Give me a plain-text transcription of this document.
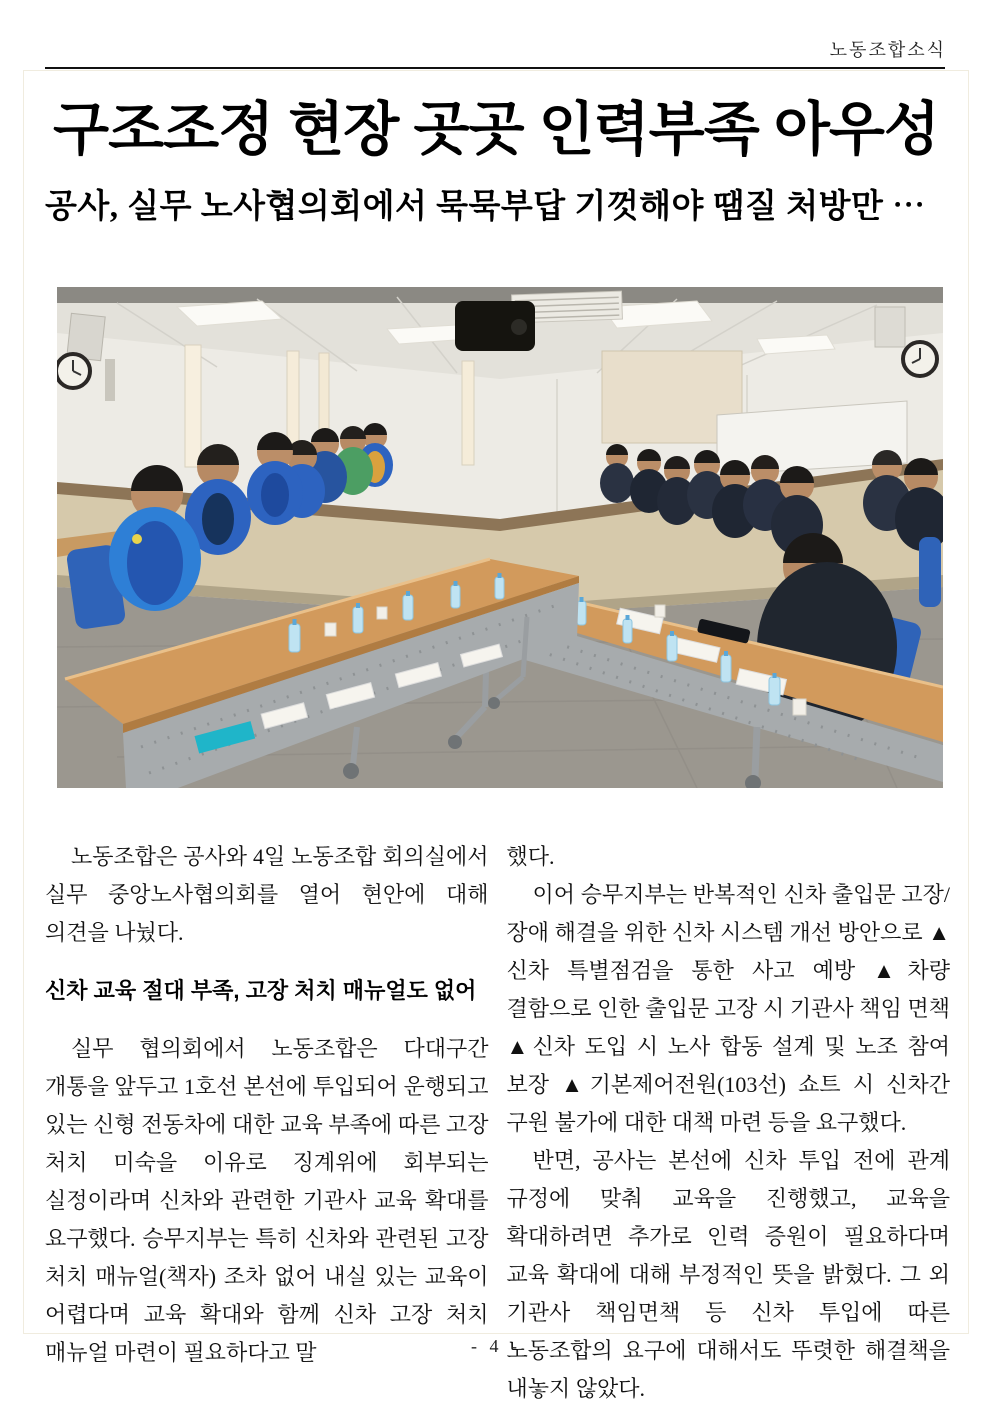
노동조합소식
구조조정 현장 곳곳 인력부족 아우성
공사, 실무 노사협의회에서 묵묵부답 기껏해야 땜질 처방만 ⋯

노동조합은 공사와 4일 노동조합 회의실에서 실무 중앙노사협의회를 열어 현안에 대해 의견을 나눴다.

신차 교육 절대 부족, 고장 처치 매뉴얼도 없어

실무 협의회에서 노동조합은 다대구간 개통을 앞두고 1호선 본선에 투입되어 운행되고 있는 신형 전동차에 대한 교육 부족에 따른 고장 처치 미숙을 이유로 징계위에 회부되는 실정이라며 신차와 관련한 기관사 교육 확대를 요구했다. 승무지부는 특히 신차와 관련된 고장 처치 매뉴얼(책자) 조차 없어 내실 있는 교육이 어렵다며 교육 확대와 함께 신차 고장 처치 매뉴얼 마련이 필요하다고 말

했다.

이어 승무지부는 반복적인 신차 출입문 고장/장애 해결을 위한 신차 시스템 개선 방안으로 ▲신차 특별점검을 통한 사고 예방 ▲차량 결함으로 인한 출입문 고장 시 기관사 책임 면책 ▲신차 도입 시 노사 합동 설계 및 노조 참여 보장 ▲기본제어전원(103선) 쇼트 시 신차간 구원 불가에 대한 대책 마련 등을 요구했다.

반면, 공사는 본선에 신차 투입 전에 관계 규정에 맞춰 교육을 진행했고, 교육을 확대하려면 추가로 인력 증원이 필요하다며 교육 확대에 대해 부정적인 뜻을 밝혔다. 그 외 기관사 책임면책 등 신차 투입에 따른 노동조합의 요구에 대해서도 뚜렷한 해결책을 내놓지 않았다.

- 4 -
